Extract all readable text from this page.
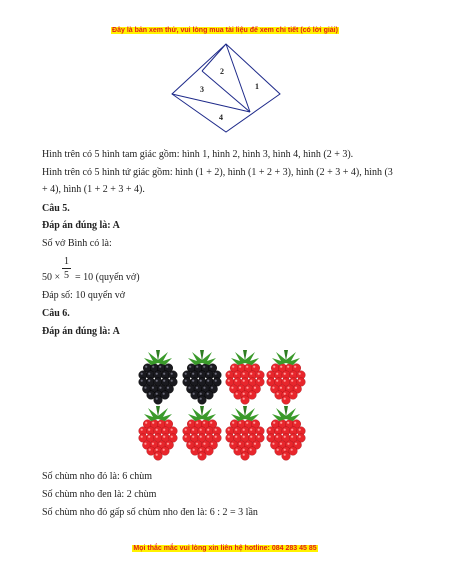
Đây là bản xem thử, vui lòng mua tài liệu để xem chi tiết (có lời giải)
1
2
3
4
Hình trên có 5 hình tam giác gồm: hình 1, hình 2, hình 3, hình 4, hình (2 + 3).
Hình trên có 5 hình tứ giác gồm: hình (1 + 2), hình (1 + 2 + 3), hình (2 + 3 + 4), hình (3
+ 4), hình (1 + 2 + 3 + 4).
Câu 5.
Đáp án đúng là: A
Số vở Bình có là:
50 ×
1
5 = 10 (quyển vở)
Đáp số: 10 quyển vở
Câu 6.
Đáp án đúng là: A
Số chùm nho đỏ là: 6 chùm
Số chùm nho đen là: 2 chùm
Số chùm nho đỏ gấp số chùm nho đen là: 6 : 2 = 3 lần
Mọi thắc mắc vui lòng xin liên hệ hotline: 084 283 45 85
